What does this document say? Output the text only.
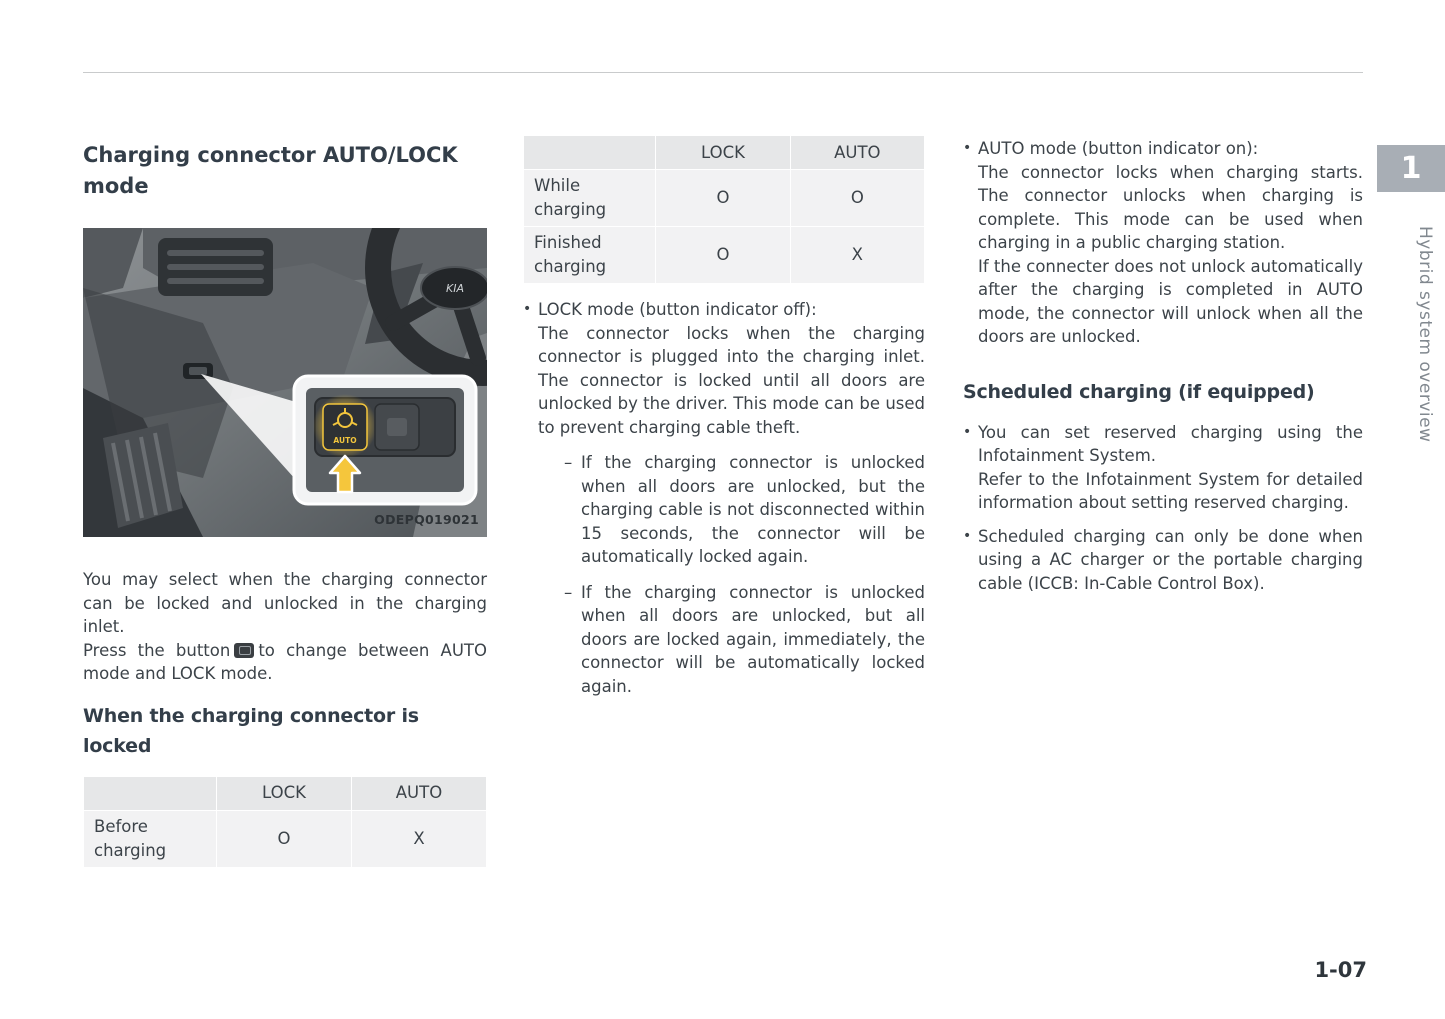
Charging connector AUTO/LOCK mode
KIA
AUTO
ODEPQ019021

You may select when the charging connector can be locked and unlocked in the charging inlet.

Press the button to change between AUTO mode and LOCK mode.

When the charging connector is locked
	LOCK	AUTO
Before charging	O	X
	LOCK	AUTO
While charging	O	O
Finished charging	O	X
• LOCK mode (button indicator off):
The connector locks when the charging connector is plugged into the charging inlet. The connector is locked until all doors are unlocked by the driver. This mode can be used to prevent charging cable theft.
– If the charging connector is unlocked when all doors are unlocked, but the charging cable is not disconnected within 15 seconds, the connector will be automatically locked again.
– If the charging connector is unlocked when all doors are unlocked, but all doors are locked again, immediately, the connector will be automatically locked again.
• AUTO mode (button indicator on):
The connector locks when charging starts. The connector unlocks when charging is complete. This mode can be used when charging in a public charging station.
If the connecter does not unlock automatically after the charging is completed in AUTO mode, the connector will unlock when all the doors are unlocked.
Scheduled charging (if equipped)
• You can set reserved charging using the Infotainment System.
Refer to the Infotainment System for detailed information about setting reserved charging.
• Scheduled charging can only be done when using a AC charger or the portable charging cable (ICCB: In-Cable Control Box).
1
Hybrid system overview
1-07
